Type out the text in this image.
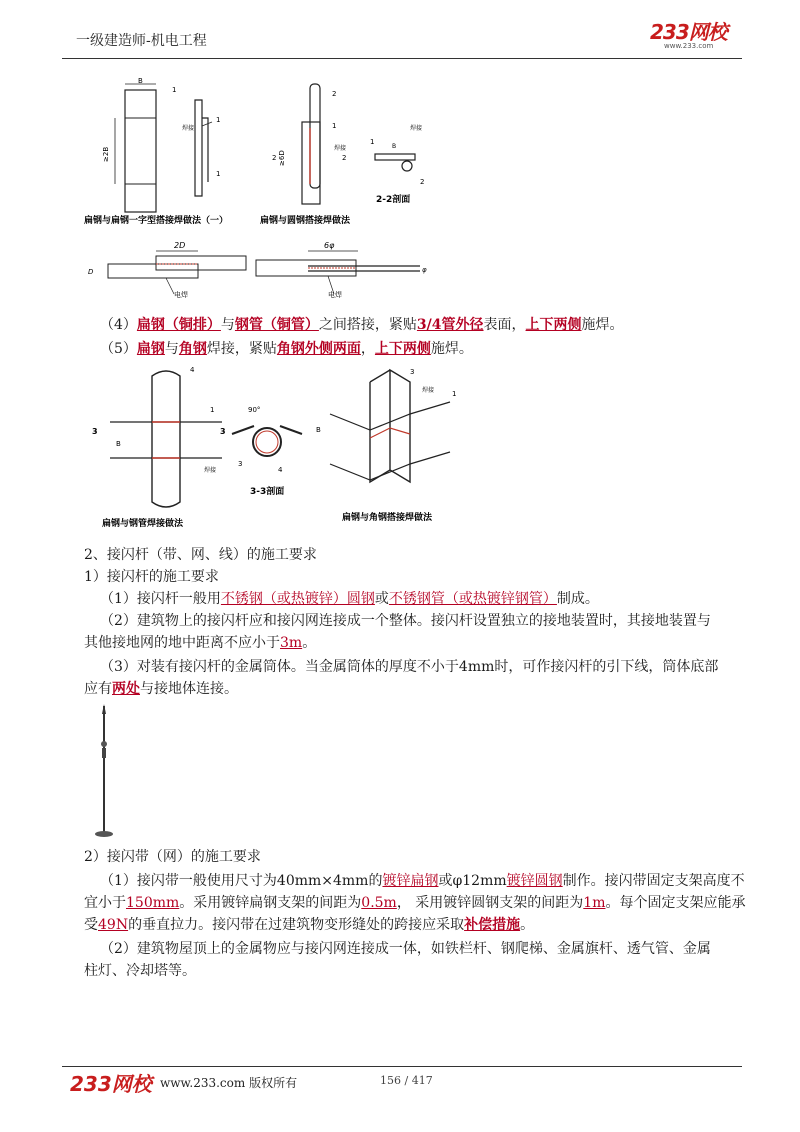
一级建造师-机电工程	233网校
www.233.com
B
≥2B
1
焊接
1
1
扁钢与扁钢一字型搭接焊做法（一）
2
1
焊接
≥6D
2	2
B
焊接
1
2
2-2剖面
扁钢与圆钢搭接焊做法
2D
D
电焊
6φ
φ
电焊
（4）扁钢（铜排）与钢管（铜管）之间搭接，紧贴3/4管外径表面，上下两侧施焊。
（5）扁钢与角钢焊接，紧贴角钢外侧两面，上下两侧施焊。
3	3
4
1
焊接
B
扁钢与钢管焊接做法
90°
3
4
3-3剖面
3
1
焊接
B
扁钢与角钢搭接焊做法
2、接闪杆（带、网、线）的施工要求
1）接闪杆的施工要求
（1）接闪杆一般用不锈钢（或热镀锌）圆钢或不锈钢管（或热镀锌钢管）制成。
（2）建筑物上的接闪杆应和接闪网连接成一个整体。接闪杆设置独立的接地装置时，其接地装置与
其他接地网的地中距离不应小于3m。
（3）对装有接闪杆的金属筒体。当金属筒体的厚度不小于4mm时，可作接闪杆的引下线，筒体底部
应有两处与接地体连接。
2）接闪带（网）的施工要求
（1）接闪带一般使用尺寸为40mm×4mm的镀锌扁钢或φ12mm镀锌圆钢制作。接闪带固定支架高度不
宜小于150mm。采用镀锌扁钢支架的间距为0.5m， 采用镀锌圆钢支架的间距为1m。每个固定支架应能承
受49N的垂直拉力。接闪带在过建筑物变形缝处的跨接应采取补偿措施。
（2）建筑物屋顶上的金属物应与接闪网连接成一体，如铁栏杆、钢爬梯、金属旗杆、透气管、金属
柱灯、冷却塔等。
233网校 www.233.com 版权所有	156 / 417
